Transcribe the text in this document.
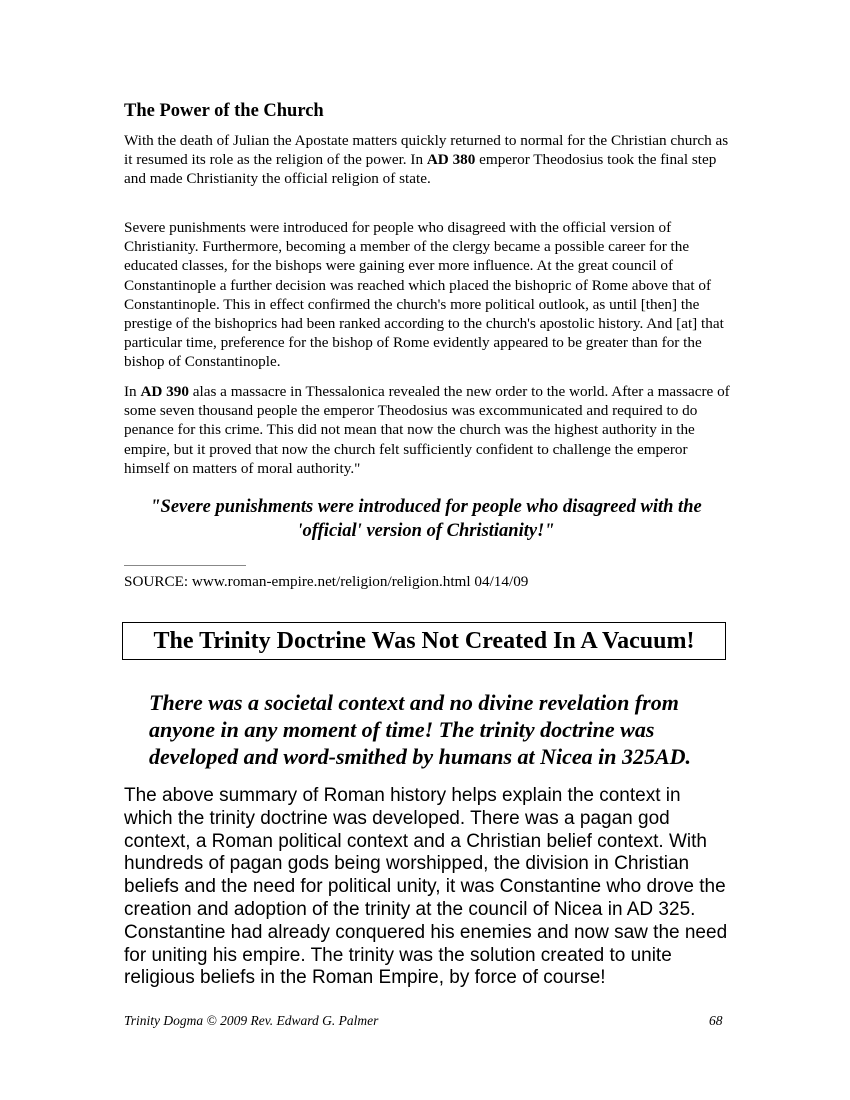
The Power of the Church

With the death of Julian the Apostate matters quickly returned to normal for the Christian church as it resumed its role as the religion of the power. In AD 380 emperor Theodosius took the final step and made Christianity the official religion of state.

Severe punishments were introduced for people who disagreed with the official version of Christianity. Furthermore, becoming a member of the clergy became a possible career for the educated classes, for the bishops were gaining ever more influence. At the great council of Constantinople a further decision was reached which placed the bishopric of Rome above that of Constantinople. This in effect confirmed the church's more political outlook, as until [then] the prestige of the bishoprics had been ranked according to the church's apostolic history. And [at] that particular time, preference for the bishop of Rome evidently appeared to be greater than for the bishop of Constantinople.

In AD 390 alas a massacre in Thessalonica revealed the new order to the world. After a massacre of some seven thousand people the emperor Theodosius was excommunicated and required to do penance for this crime. This did not mean that now the church was the highest authority in the empire, but it proved that now the church felt sufficiently confident to challenge the emperor himself on matters of moral authority."

"Severe punishments were introduced for people who disagreed with the 'official' version of Christianity!"

SOURCE: www.roman-empire.net/religion/religion.html 04/14/09

The Trinity Doctrine Was Not Created In A Vacuum!

There was a societal context and no divine revelation from anyone in any moment of time! The trinity doctrine was developed and word-smithed by humans at Nicea in 325AD.

The above summary of Roman history helps explain the context in which the trinity doctrine was developed. There was a pagan god context, a Roman political context and a Christian belief context. With hundreds of pagan gods being worshipped, the division in Christian beliefs and the need for political unity, it was Constantine who drove the creation and adoption of the trinity at the council of Nicea in AD 325. Constantine had already conquered his enemies and now saw the need for uniting his empire. The trinity was the solution created to unite religious beliefs in the Roman Empire, by force of course!

Trinity Dogma © 2009 Rev. Edward G. Palmer	68
